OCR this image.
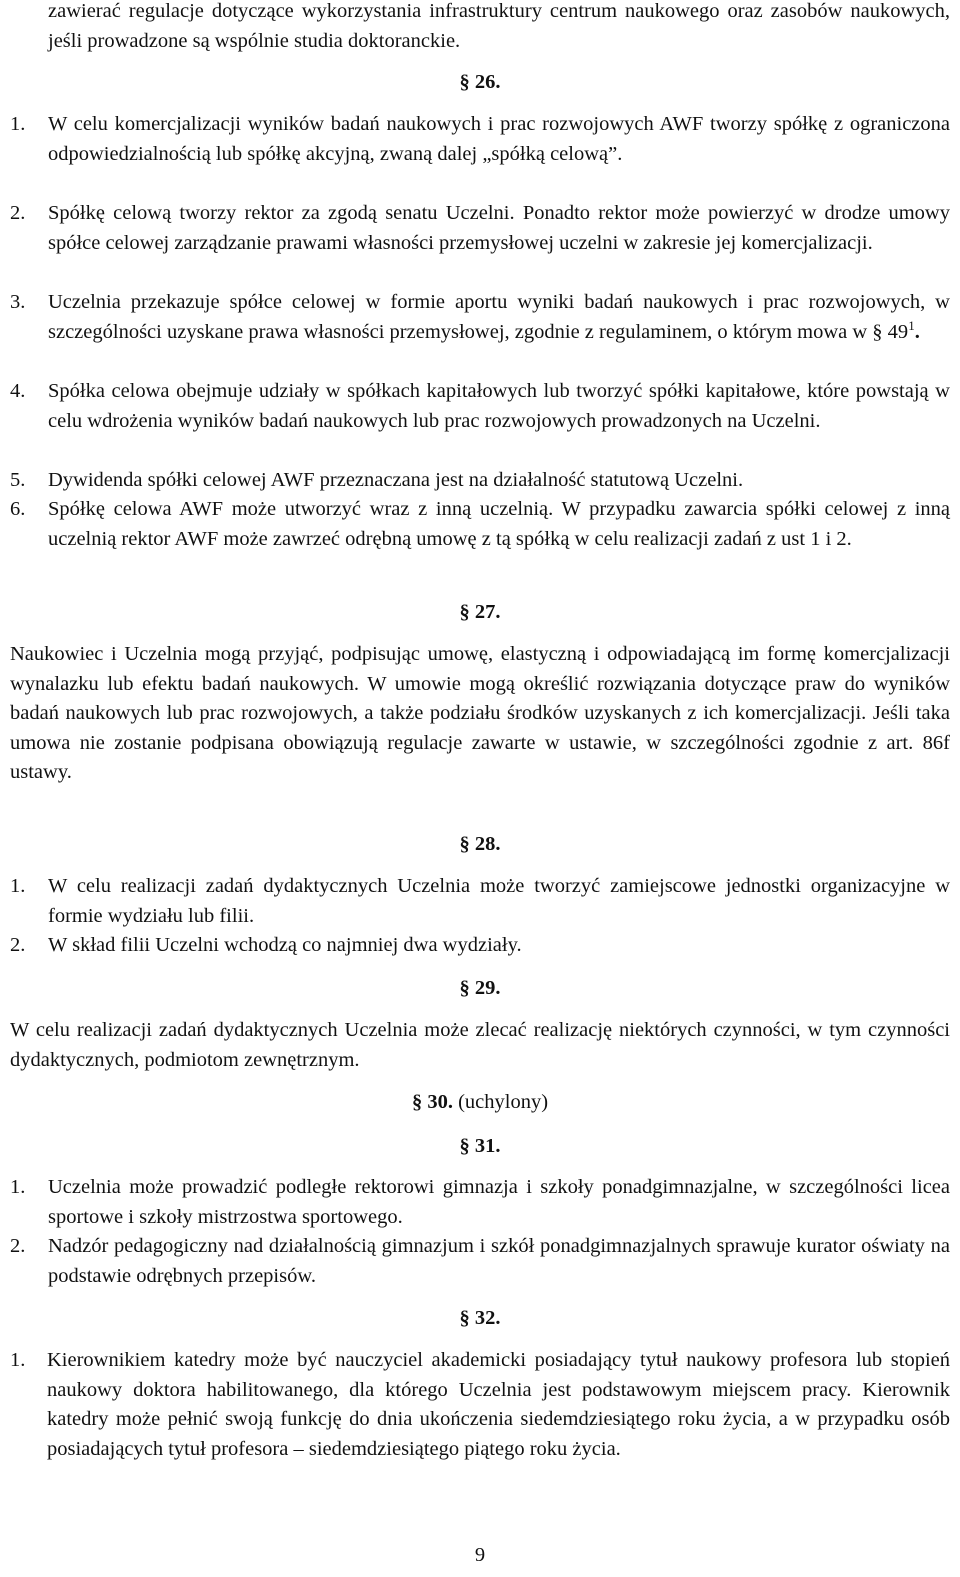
zawierać regulacje dotyczące wykorzystania infrastruktury centrum naukowego oraz zasobów naukowych, jeśli prowadzone są wspólnie studia doktoranckie.
§ 26.
1. W celu komercjalizacji wyników badań naukowych i prac rozwojowych AWF tworzy spółkę z ograniczona odpowiedzialnością lub spółkę akcyjną, zwaną dalej „spółką celową”.
2. Spółkę celową tworzy rektor za zgodą senatu Uczelni. Ponadto rektor może powierzyć w drodze umowy spółce celowej zarządzanie prawami własności przemysłowej uczelni w zakresie jej komercjalizacji.
3. Uczelnia przekazuje spółce celowej w formie aportu wyniki badań naukowych i prac rozwojowych, w szczególności uzyskane prawa własności przemysłowej, zgodnie z regulaminem, o którym mowa w § $49^1$.
4. Spółka celowa obejmuje udziały w spółkach kapitałowych lub tworzyć spółki kapitałowe, które powstają w celu wdrożenia wyników badań naukowych lub prac rozwojowych prowadzonych na Uczelni.
5. Dywidenda spółki celowej AWF przeznaczana jest na działalność statutową Uczelni.
6. Spółkę celowa AWF może utworzyć wraz z inną uczelnią. W przypadku zawarcia spółki celowej z inną uczelnią rektor AWF może zawrzeć odrębną umowę z tą spółką w celu realizacji zadań z ust 1 i 2.
§ 27.
Naukowiec i Uczelnia mogą przyjąć, podpisując umowę, elastyczną i odpowiadającą im formę komercjalizacji wynalazku lub efektu badań naukowych. W umowie mogą określić rozwiązania dotyczące praw do wyników badań naukowych lub prac rozwojowych, a także podziału środków uzyskanych z ich komercjalizacji. Jeśli taka umowa nie zostanie podpisana obowiązują regulacje zawarte w ustawie, w szczególności zgodnie z art. 86f ustawy.
§ 28.
1. W celu realizacji zadań dydaktycznych Uczelnia może tworzyć zamiejscowe jednostki organizacyjne w formie wydziału lub filii.
2. W skład filii Uczelni wchodzą co najmniej dwa wydziały.
§ 29.
W celu realizacji zadań dydaktycznych Uczelnia może zlecać realizację niektórych czynności, w tym czynności dydaktycznych, podmiotom zewnętrznym.
§ 30. (uchylony)
§ 31.
1. Uczelnia może prowadzić podległe rektorowi gimnazja i szkoły ponadgimnazjalne, w szczególności licea sportowe i szkoły mistrzostwa sportowego.
2. Nadzór pedagogiczny nad działalnością gimnazjum i szkół ponadgimnazjalnych sprawuje kurator oświaty na podstawie odrębnych przepisów.
§ 32.
1. Kierownikiem katedry może być nauczyciel akademicki posiadający tytuł naukowy profesora lub stopień naukowy doktora habilitowanego, dla którego Uczelnia jest podstawowym miejscem pracy. Kierownik katedry może pełnić swoją funkcję do dnia ukończenia siedemdziesiątego roku życia, a w przypadku osób posiadających tytuł profesora – siedemdziesiątego piątego roku życia.
9
